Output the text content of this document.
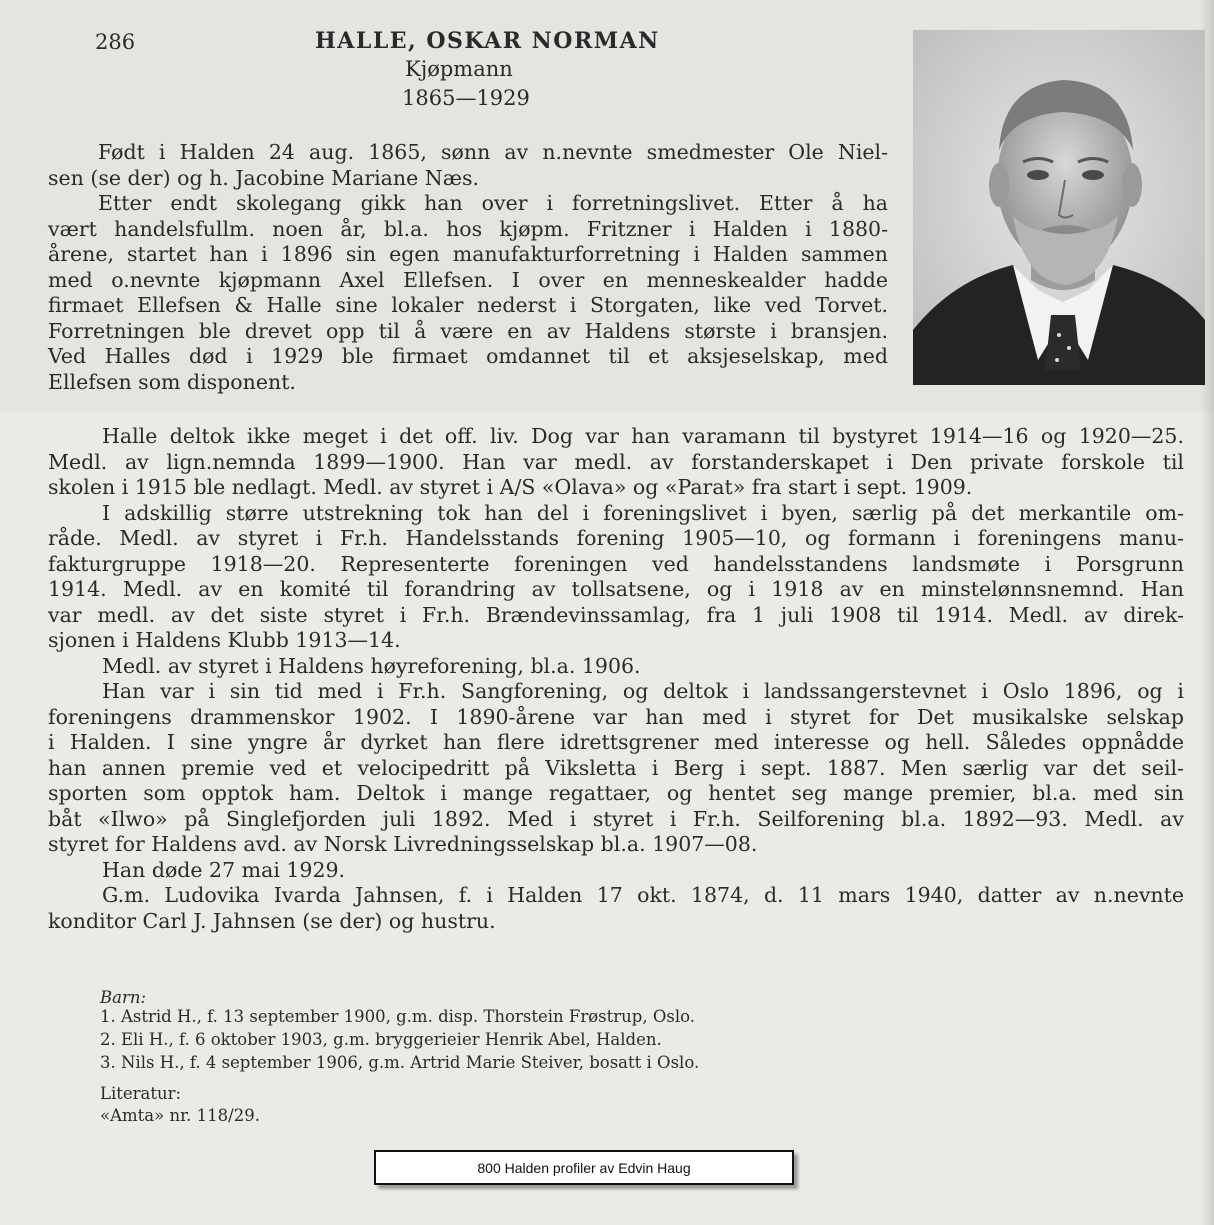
286	HALLE, OSKAR NORMAN
Kjøpmann
1865—1929
Født i Halden 24 aug. 1865, sønn av n.nevnte smedmester Ole Niel-
sen (se der) og h. Jacobine Mariane Næs.
Etter endt skolegang gikk han over i forretningslivet. Etter å ha
vært handelsfullm. noen år, bl.a. hos kjøpm. Fritzner i Halden i 1880-
årene, startet han i 1896 sin egen manufakturforretning i Halden sammen
med o.nevnte kjøpmann Axel Ellefsen. I over en menneskealder hadde
firmaet Ellefsen & Halle sine lokaler nederst i Storgaten, like ved Torvet.
Forretningen ble drevet opp til å være en av Haldens største i bransjen.
Ved Halles død i 1929 ble firmaet omdannet til et aksjeselskap, med
Ellefsen som disponent.
Halle deltok ikke meget i det off. liv. Dog var han varamann til bystyret 1914—16 og 1920—25.
Medl. av lign.nemnda 1899—1900. Han var medl. av forstanderskapet i Den private forskole til
skolen i 1915 ble nedlagt. Medl. av styret i A/S «Olava» og «Parat» fra start i sept. 1909.
I adskillig større utstrekning tok han del i foreningslivet i byen, særlig på det merkantile om-
råde. Medl. av styret i Fr.h. Handelsstands forening 1905—10, og formann i foreningens manu-
fakturgruppe 1918—20. Representerte foreningen ved handelsstandens landsmøte i Porsgrunn
1914. Medl. av en komité til forandring av tollsatsene, og i 1918 av en minstelønnsnemnd. Han
var medl. av det siste styret i Fr.h. Brændevinssamlag, fra 1 juli 1908 til 1914. Medl. av direk-
sjonen i Haldens Klubb 1913—14.
Medl. av styret i Haldens høyreforening, bl.a. 1906.
Han var i sin tid med i Fr.h. Sangforening, og deltok i landssangerstevnet i Oslo 1896, og i
foreningens drammenskor 1902. I 1890-årene var han med i styret for Det musikalske selskap
i Halden. I sine yngre år dyrket han flere idrettsgrener med interesse og hell. Således oppnådde
han annen premie ved et velocipedritt på Viksletta i Berg i sept. 1887. Men særlig var det seil-
sporten som opptok ham. Deltok i mange regattaer, og hentet seg mange premier, bl.a. med sin
båt «Ilwo» på Singlefjorden juli 1892. Med i styret i Fr.h. Seilforening bl.a. 1892—93. Medl. av
styret for Haldens avd. av Norsk Livredningsselskap bl.a. 1907—08.
Han døde 27 mai 1929.
G.m. Ludovika Ivarda Jahnsen, f. i Halden 17 okt. 1874, d. 11 mars 1940, datter av n.nevnte
konditor Carl J. Jahnsen (se der) og hustru.
Barn:
1. Astrid H., f. 13 september 1900, g.m. disp. Thorstein Frøstrup, Oslo.
2. Eli H., f. 6 oktober 1903, g.m. bryggerieier Henrik Abel, Halden.
3. Nils H., f. 4 september 1906, g.m. Artrid Marie Steiver, bosatt i Oslo.
Literatur:
«Amta» nr. 118/29.
800 Halden profiler av Edvin Haug
